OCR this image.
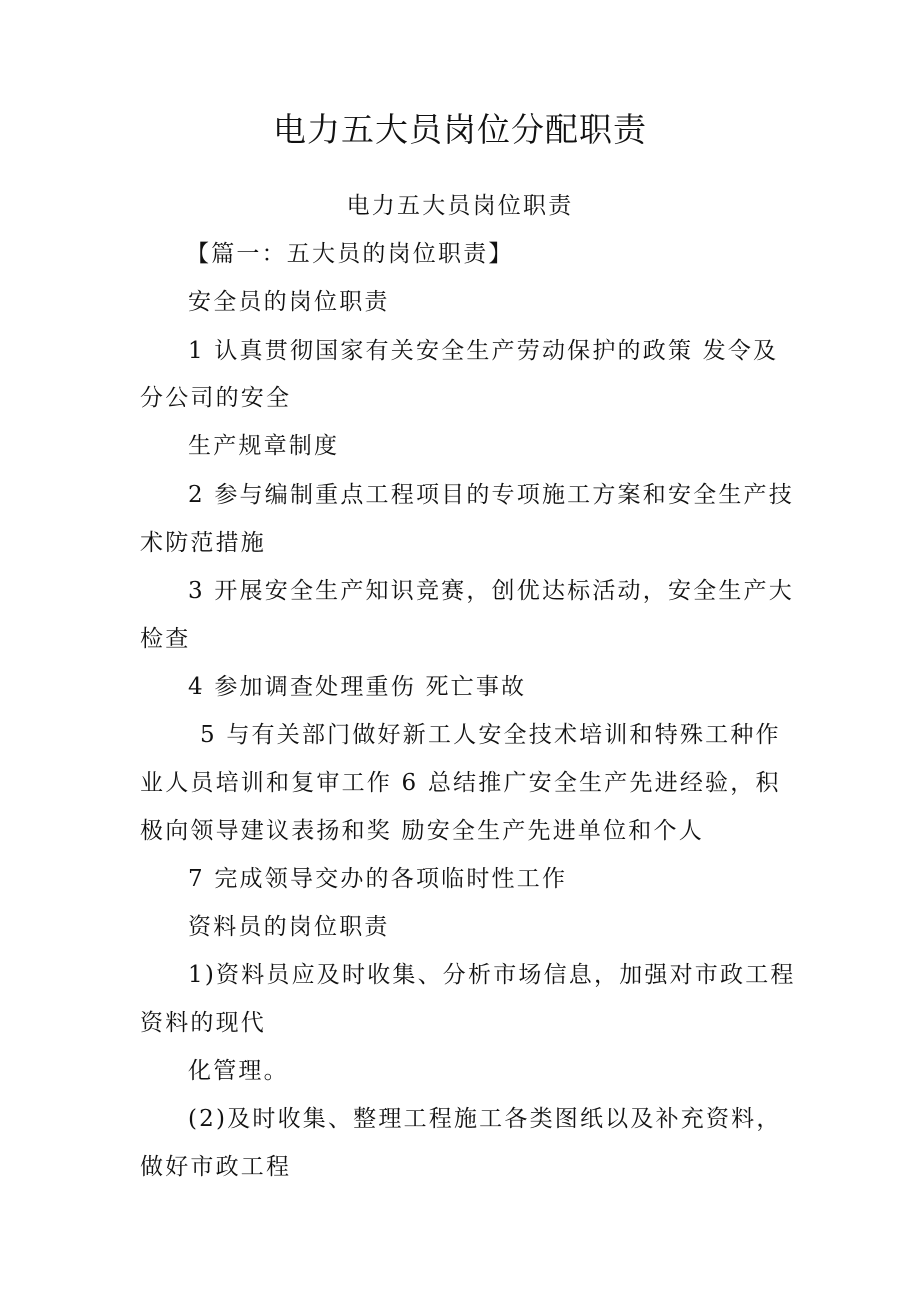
电力五大员岗位分配职责
电力五大员岗位职责
【篇一：五大员的岗位职责】
安全员的岗位职责
1 认真贯彻国家有关安全生产劳动保护的政策 发令及
分公司的安全
生产规章制度
2 参与编制重点工程项目的专项施工方案和安全生产技
术防范措施
3 开展安全生产知识竞赛，创优达标活动，安全生产大
检查
4 参加调查处理重伤 死亡事故
5 与有关部门做好新工人安全技术培训和特殊工种作
业人员培训和复审工作 6 总结推广安全生产先进经验，积
极向领导建议表扬和奖 励安全生产先进单位和个人
7 完成领导交办的各项临时性工作
资料员的岗位职责
1)资料员应及时收集、分析市场信息，加强对市政工程
资料的现代
化管理。
(2)及时收集、整理工程施工各类图纸以及补充资料，
做好市政工程
